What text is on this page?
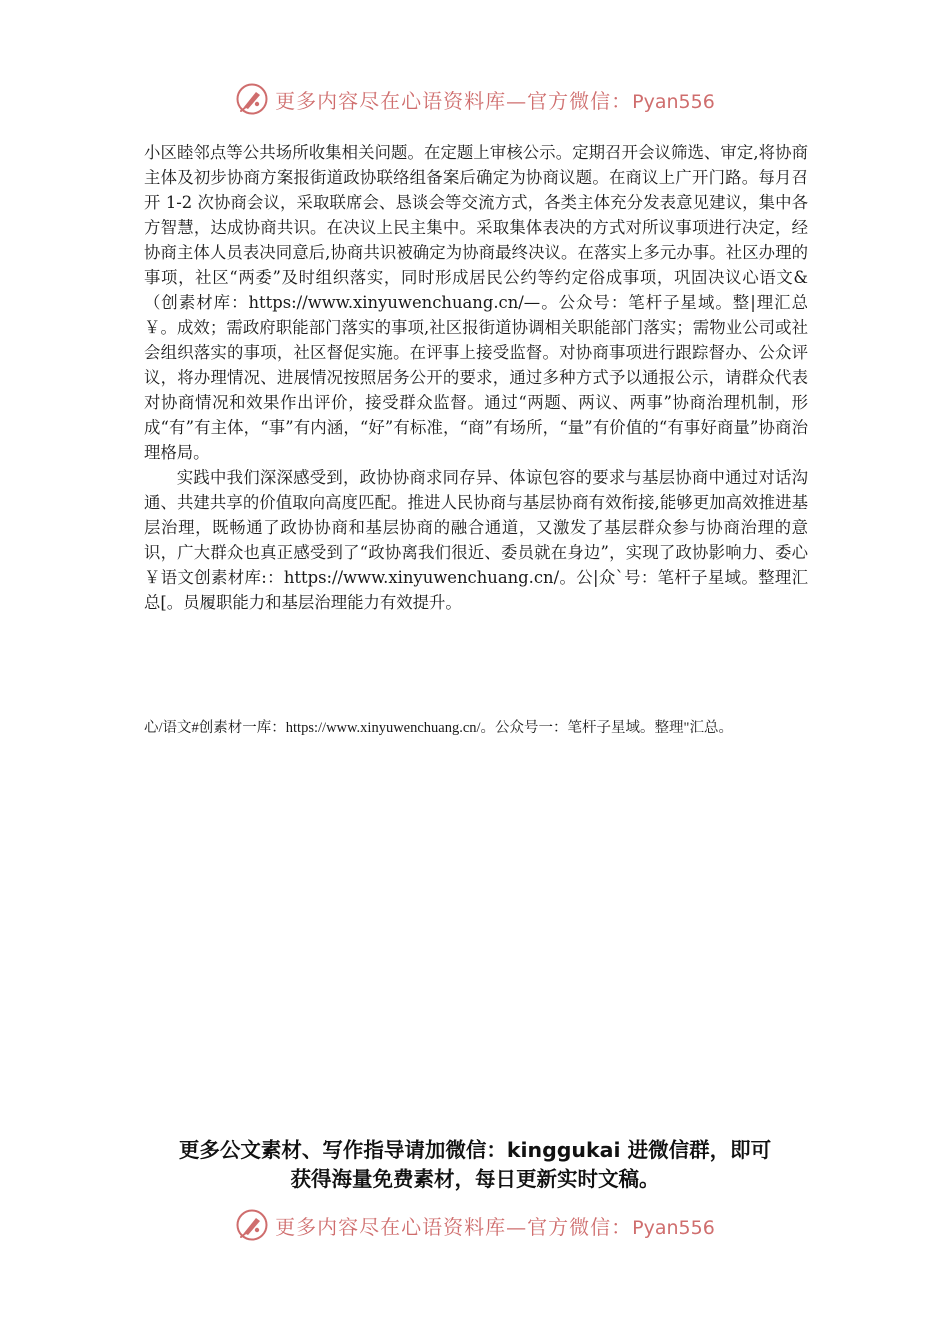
更多内容尽在心语资料库—官方微信：Pyan556

小区睦邻点等公共场所收集相关问题。在定题上审核公示。定期召开会议筛选、审定,将协商主体及初步协商方案报街道政协联络组备案后确定为协商议题。在商议上广开门路。每月召开 1-2 次协商会议，采取联席会、恳谈会等交流方式，各类主体充分发表意见建议，集中各方智慧，达成协商共识。在决议上民主集中。采取集体表决的方式对所议事项进行决定，经协商主体人员表决同意后,协商共识被确定为协商最终决议。在落实上多元办事。社区办理的事项，社区“两委”及时组织落实，同时形成居民公约等约定俗成事项，巩固决议心语文&（创素材库：https://www.xinyuwenchuang.cn/—。公众号：笔杆子星域。整|理汇总￥。成效；需政府职能部门落实的事项,社区报街道协调相关职能部门落实；需物业公司或社会组织落实的事项，社区督促实施。在评事上接受监督。对协商事项进行跟踪督办、公众评议，将办理情况、进展情况按照居务公开的要求，通过多种方式予以通报公示，请群众代表对协商情况和效果作出评价，接受群众监督。通过“两题、两议、两事”协商治理机制，形成“有”有主体，“事”有内涵，“好”有标准，“商”有场所，“量”有价值的“有事好商量”协商治理格局。

实践中我们深深感受到，政协协商求同存异、体谅包容的要求与基层协商中通过对话沟通、共建共享的价值取向高度匹配。推进人民协商与基层协商有效衔接,能够更加高效推进基层治理，既畅通了政协协商和基层协商的融合通道，又激发了基层群众参与协商治理的意识，广大群众也真正感受到了“政协离我们很近、委员就在身边”，实现了政协影响力、委心￥语文创素材库:：https://www.xinyuwenchuang.cn/。公|众`号：笔杆子星域。整理汇总[。员履职能力和基层治理能力有效提升。

心/语文#创素材一库：https://www.xinyuwenchuang.cn/。公众号一：笔杆子星域。整理"汇总。

更多公文素材、写作指导请加微信：kinggukai 进微信群，即可

获得海量免费素材，每日更新实时文稿。

更多内容尽在心语资料库—官方微信：Pyan556
